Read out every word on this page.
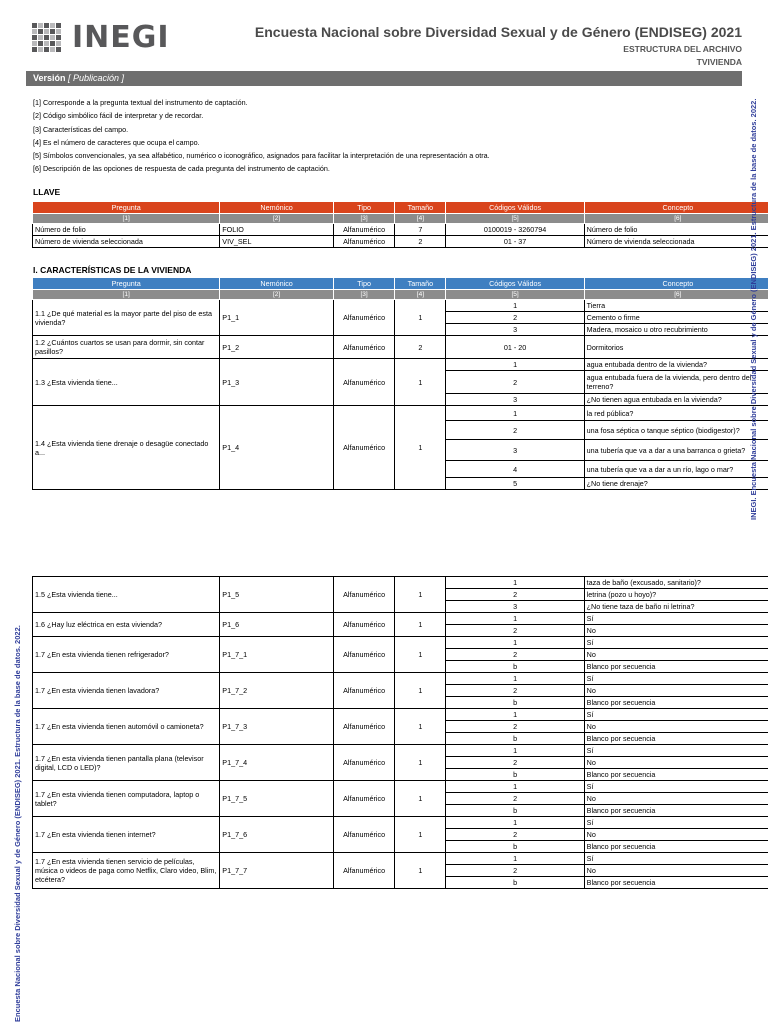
INEGI	Encuesta Nacional sobre Diversidad Sexual y de Género (ENDISEG) 2021
ESTRUCTURA DEL ARCHIVO
TVIVIENDA
Versión [ Publicación ]
[1] Corresponde a la pregunta textual del instrumento de captación.
[2] Código simbólico fácil de interpretar y de recordar.
[3] Características del campo.
[4] Es el número de caracteres que ocupa el campo.
[5] Símbolos convencionales, ya sea alfabético, numérico o iconográfico, asignados para facilitar la interpretación de una representación a otra.
[6] Descripción de las opciones de respuesta de cada pregunta del instrumento de captación.
LLAVE
Pregunta	Nemónico	Tipo	Tamaño	Códigos Válidos	Concepto
[1]	[2]	[3]	[4]	[5]	[6]
Número de folio	FOLIO	Alfanumérico	7	0100019 - 3260794	Número de folio
Número de vivienda seleccionada	VIV_SEL	Alfanumérico	2	01 - 37	Número de vivienda seleccionada
I. CARACTERÍSTICAS DE LA VIVIENDA
Pregunta	Nemónico	Tipo	Tamaño	Códigos Válidos	Concepto
[1]	[2]	[3]	[4]	[5]	[6]
1.1 ¿De qué material es la mayor parte del piso de esta vivienda?	P1_1	Alfanumérico	1	1	Tierra
				2	Cemento o firme
				3	Madera, mosaico u otro recubrimiento
1.2 ¿Cuántos cuartos se usan para dormir, sin contar pasillos?	P1_2	Alfanumérico	2	01 - 20	Dormitorios
1.3 ¿Esta vivienda tiene...	P1_3	Alfanumérico	1	1	agua entubada dentro de la vivienda?
				2	agua entubada fuera de la vivienda, pero dentro del terreno?
				3	¿No tienen agua entubada en la vivienda?
1.4 ¿Esta vivienda tiene drenaje o desagüe conectado a...	P1_4	Alfanumérico	1	1	la red pública?
				2	una fosa séptica o tanque séptico (biodigestor)?
				3	una tubería que va a dar a una barranca o grieta?
				4	una tubería que va a dar a un río, lago o mar?
				5	¿No tiene drenaje?
1.5 ¿Esta vivienda tiene...	P1_5	Alfanumérico	1	1	taza de baño (excusado, sanitario)?
				2	letrina (pozo u hoyo)?
				3	¿No tiene taza de baño ni letrina?
1.6 ¿Hay luz eléctrica en esta vivienda?	P1_6	Alfanumérico	1	1	Sí
				2	No
1.7 ¿En esta vivienda tienen refrigerador?	P1_7_1	Alfanumérico	1	1	Sí
				2	No
				b	Blanco por secuencia
1.7 ¿En esta vivienda tienen lavadora?	P1_7_2	Alfanumérico	1	1	Sí
				2	No
				b	Blanco por secuencia
1.7 ¿En esta vivienda tienen automóvil o camioneta?	P1_7_3	Alfanumérico	1	1	Sí
				2	No
				b	Blanco por secuencia
1.7 ¿En esta vivienda tienen pantalla plana (televisor digital, LCD o LED)?	P1_7_4	Alfanumérico	1	1	Sí
				2	No
				b	Blanco por secuencia
1.7 ¿En esta vivienda tienen computadora, laptop o tablet?	P1_7_5	Alfanumérico	1	1	Sí
				2	No
				b	Blanco por secuencia
1.7 ¿En esta vivienda tienen internet?	P1_7_6	Alfanumérico	1	1	Sí
				2	No
				b	Blanco por secuencia
1.7 ¿En esta vivienda tienen servicio de películas, música o videos de paga como Netflix, Claro video, Blim, etcétera?	P1_7_7	Alfanumérico	1	1	Sí
				2	No
				b	Blanco por secuencia
INEGI. Encuesta Nacional sobre Diversidad Sexual y de Género (ENDISEG) 2021. Estructura de la base de datos. 2022.
Encuesta Nacional sobre Diversidad Sexual y de Género (ENDISEG) 2021. Estructura de la base de datos. 2022.
